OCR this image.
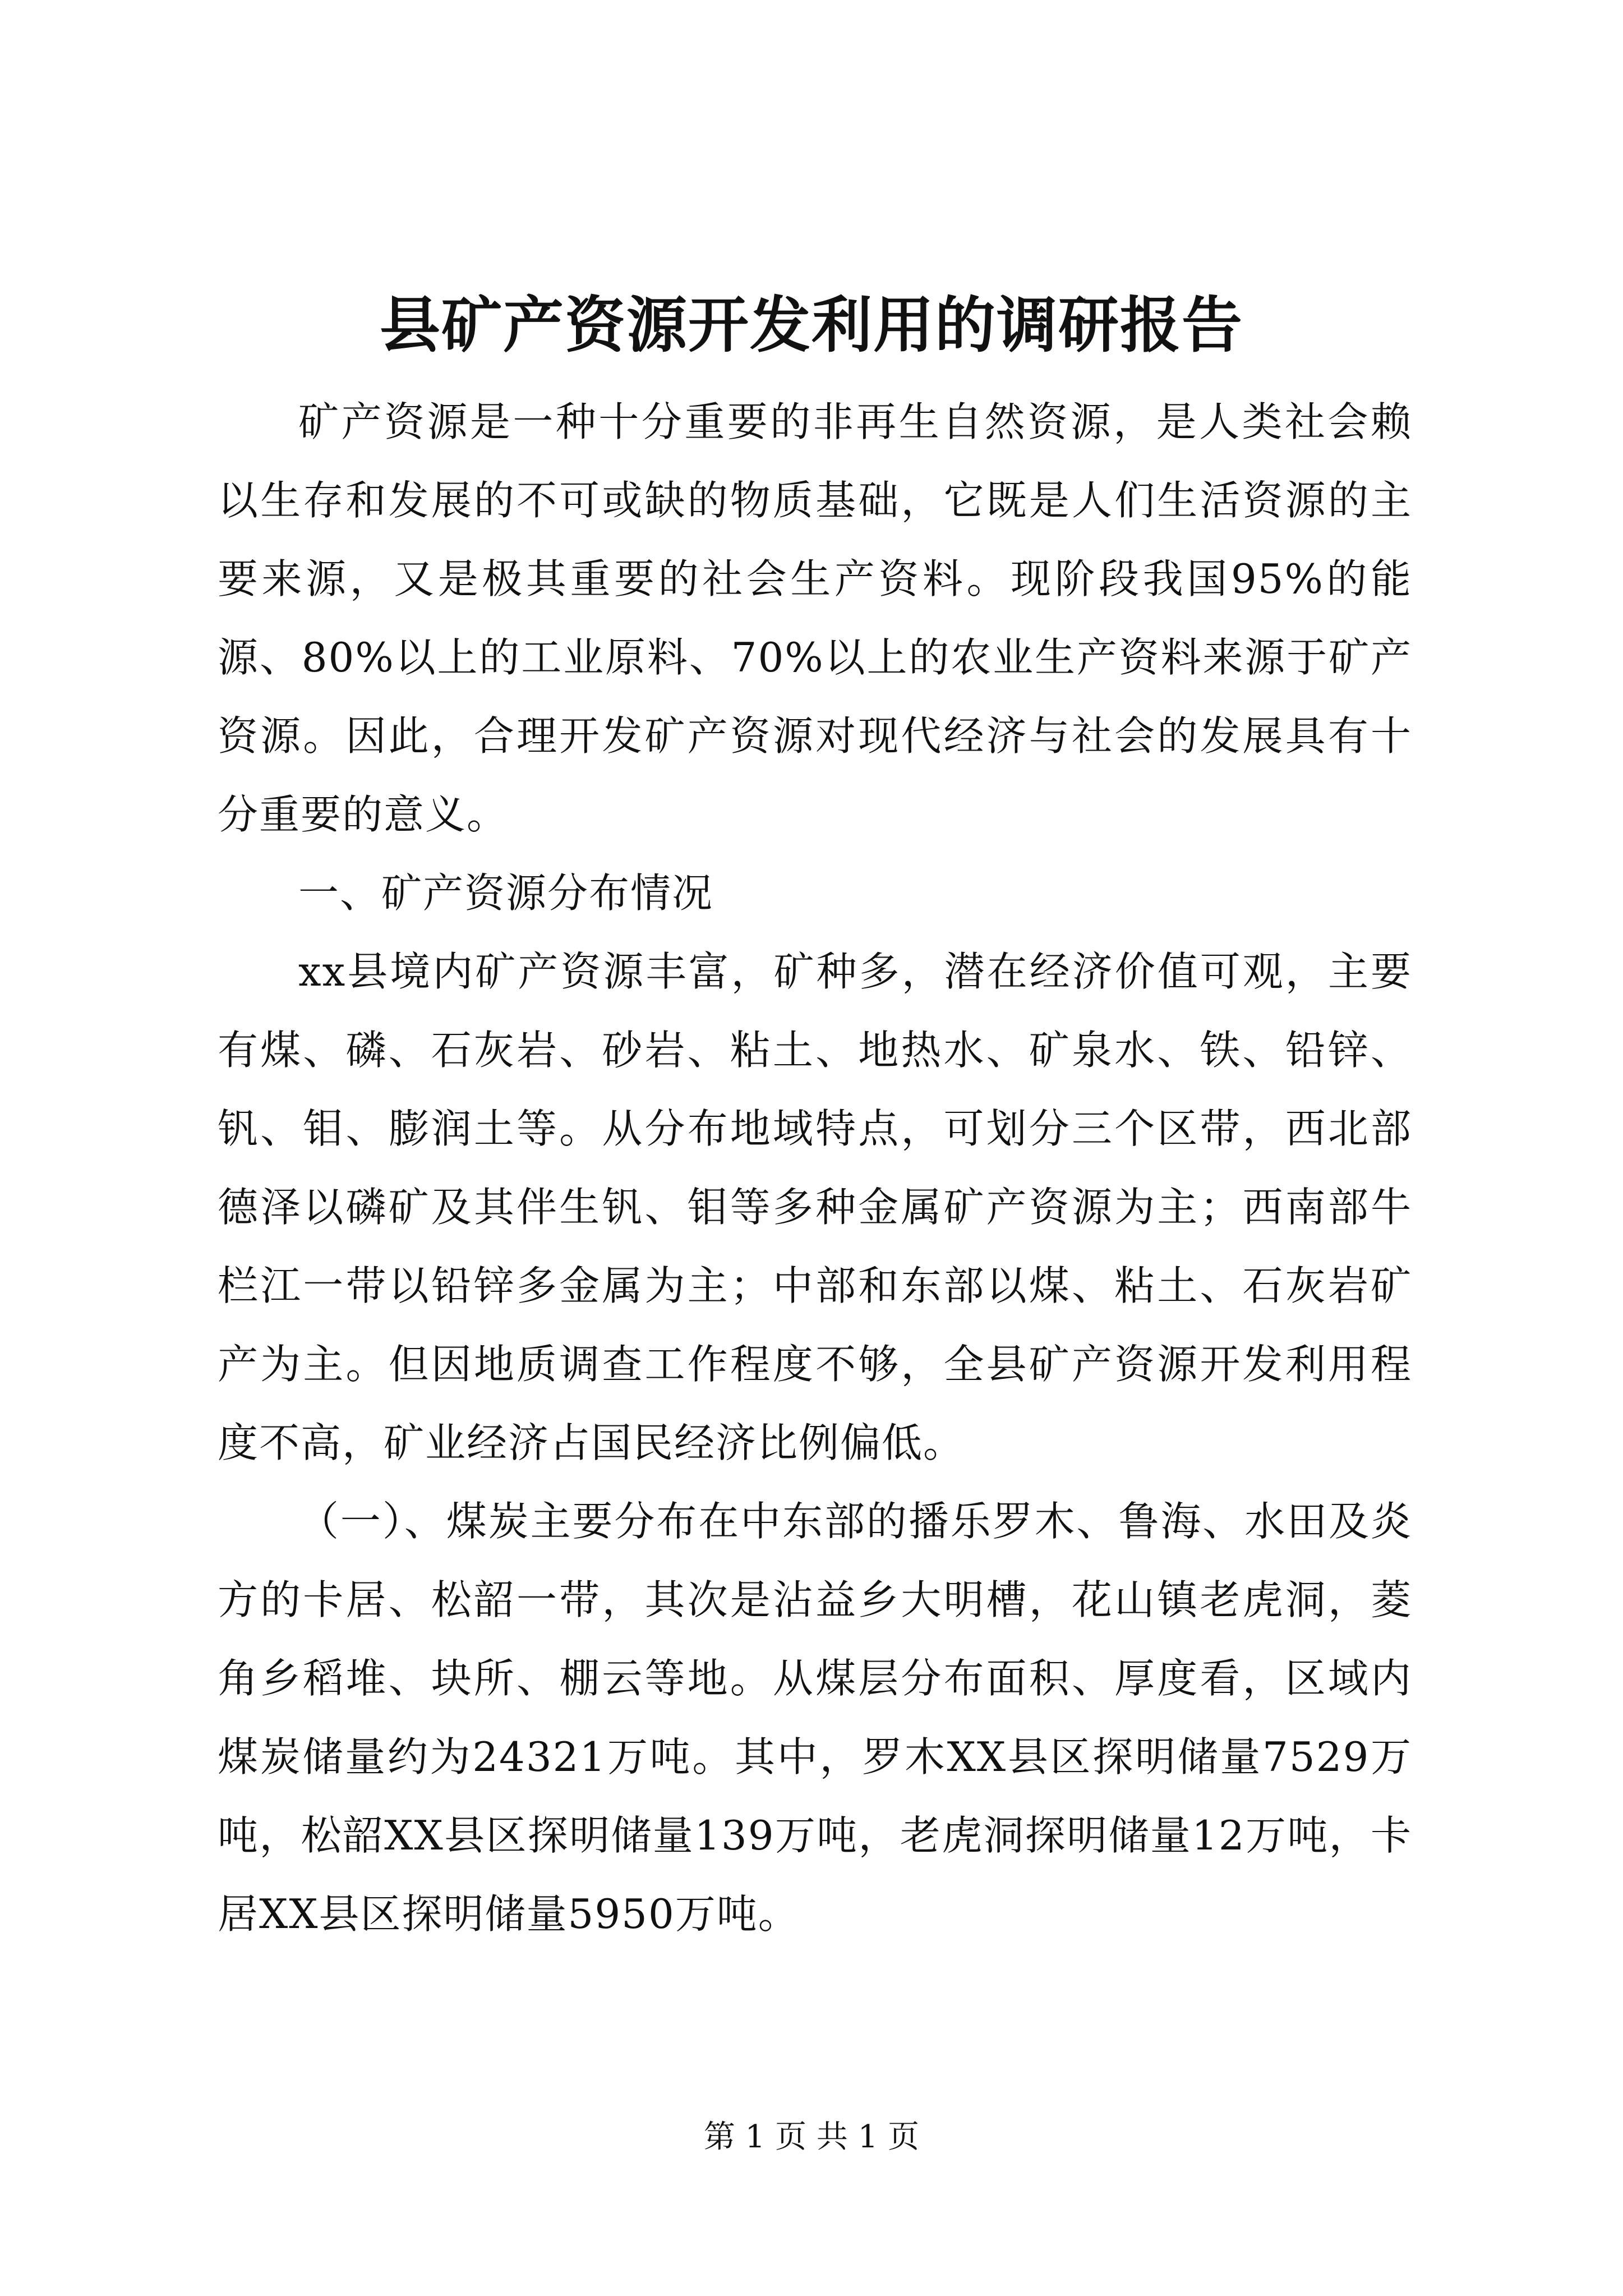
县矿产资源开发利用的调研报告

矿产资源是一种十分重要的非再生自然资源，是人类社会赖以生存和发展的不可或缺的物质基础，它既是人们生活资源的主要来源，又是极其重要的社会生产资料。现阶段我国95%的能源、80%以上的工业原料、70%以上的农业生产资料来源于矿产资源。因此，合理开发矿产资源对现代经济与社会的发展具有十分重要的意义。

一、矿产资源分布情况

xx县境内矿产资源丰富，矿种多，潜在经济价值可观，主要有煤、磷、石灰岩、砂岩、粘土、地热水、矿泉水、铁、铅锌、钒、钼、膨润土等。从分布地域特点，可划分三个区带，西北部德泽以磷矿及其伴生钒、钼等多种金属矿产资源为主；西南部牛栏江一带以铅锌多金属为主；中部和东部以煤、粘土、石灰岩矿产为主。但因地质调查工作程度不够，全县矿产资源开发利用程度不高，矿业经济占国民经济比例偏低。

（一）、煤炭主要分布在中东部的播乐罗木、鲁海、水田及炎方的卡居、松韶一带，其次是沾益乡大明槽，花山镇老虎洞，菱角乡稻堆、块所、棚云等地。从煤层分布面积、厚度看，区域内煤炭储量约为24321万吨。其中，罗木XX县区探明储量7529万吨，松韶XX县区探明储量139万吨，老虎洞探明储量12万吨，卡居XX县区探明储量5950万吨。

第 1 页 共 1 页
